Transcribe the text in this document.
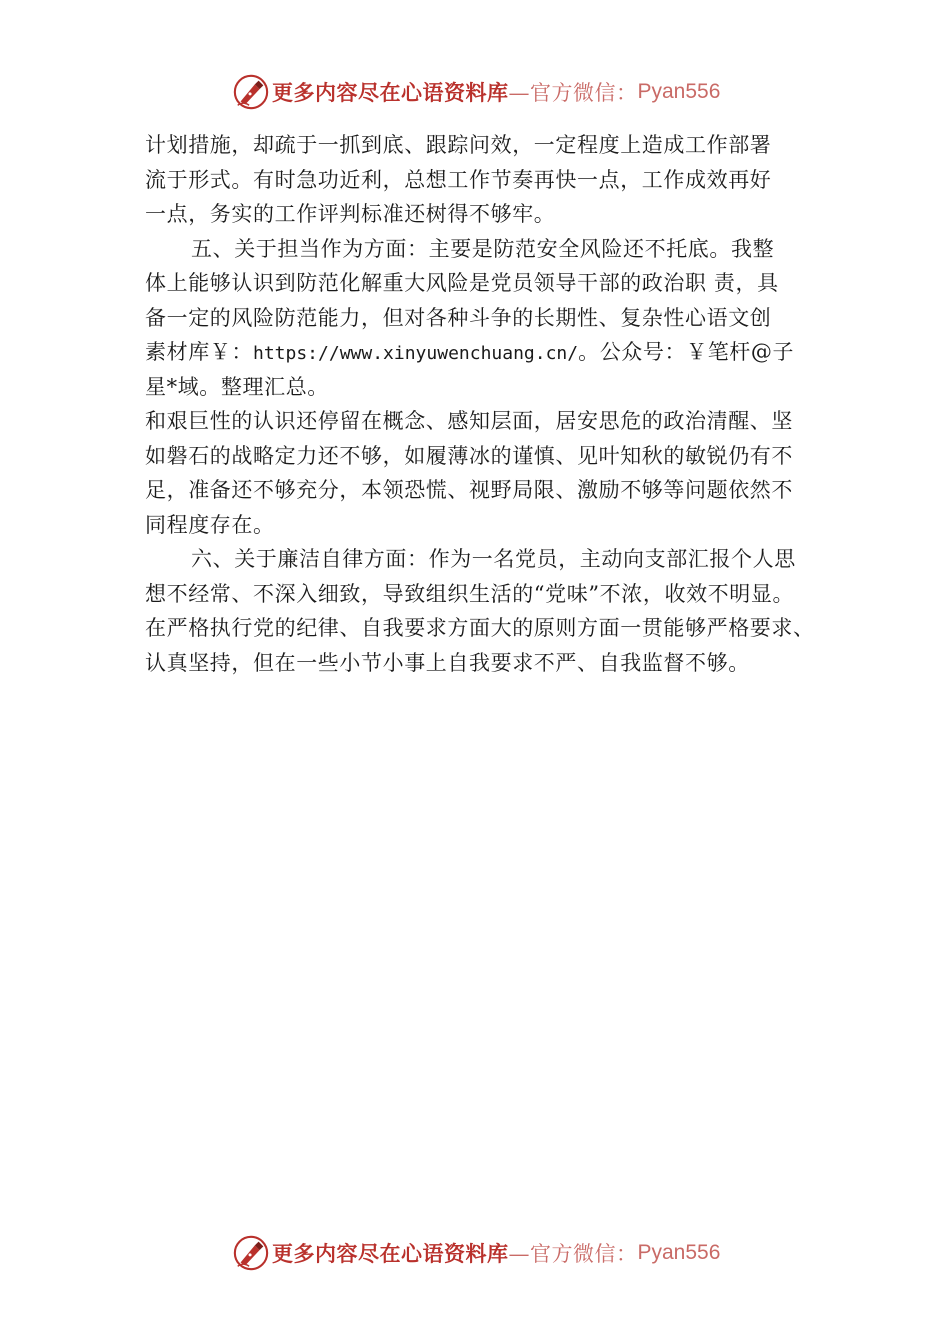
更多内容尽在心语资料库 —官方微信： Pyan556
计划措施，却疏于一抓到底、跟踪问效，一定程度上造成工作部署
流于形式。有时急功近利，总想工作节奏再快一点，工作成效再好
一点，务实的工作评判标准还树得不够牢。
五、关于担当作为方面：主要是防范安全风险还不托底。我整
体上能够认识到防范化解重大风险是党员领导干部的政治职 责，具
备一定的风险防范能力，但对各种斗争的长期性、复杂性心语文创
素材库￥：https://www.xinyuwenchuang.cn/。公众号：￥笔杆@子
星*域。整理汇总。
和艰巨性的认识还停留在概念、感知层面，居安思危的政治清醒、坚
如磐石的战略定力还不够，如履薄冰的谨慎、见叶知秋的敏锐仍有不
足，准备还不够充分，本领恐慌、视野局限、激励不够等问题依然不
同程度存在。
六、关于廉洁自律方面：作为一名党员，主动向支部汇报个人思
想不经常、不深入细致，导致组织生活的“党味”不浓，收效不明显。
在严格执行党的纪律、自我要求方面大的原则方面一贯能够严格要求、
认真坚持，但在一些小节小事上自我要求不严、自我监督不够。
更多内容尽在心语资料库 —官方微信： Pyan556
